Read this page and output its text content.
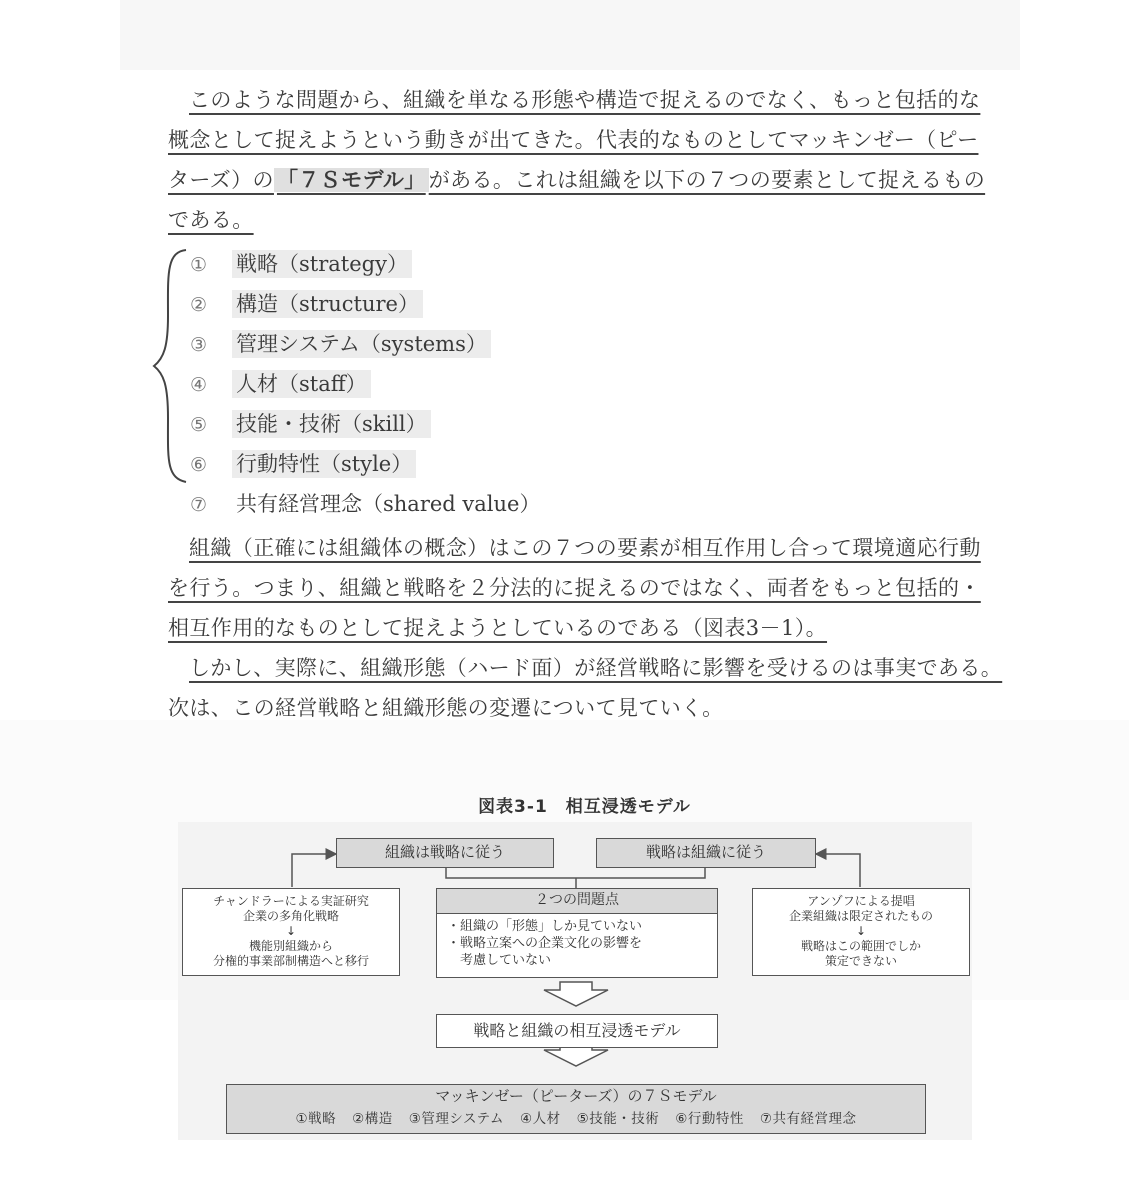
このような問題から、組織を単なる形態や構造で捉えるのでなく、もっと包括的な
概念として捉えようという動きが出てきた。代表的なものとしてマッキンゼー（ピー
ターズ）の 「７Ｓモデル」 がある。これは組織を以下の７つの要素として捉えるもの
である。
① 戦略（strategy）
② 構造（structure）
③ 管理システム（systems）
④ 人材（staff）
⑤ 技能・技術（skill）
⑥ 行動特性（style）
⑦ 共有経営理念（shared value）
組織（正確には組織体の概念）はこの７つの要素が相互作用し合って環境適応行動
を行う。つまり、組織と戦略を２分法的に捉えるのではなく、両者をもっと包括的・
相互作用的なものとして捉えようとしているのである（図表3－1）。
しかし、実際に、組織形態（ハード面）が経営戦略に影響を受けるのは事実である。
次は、この経営戦略と組織形態の変遷について見ていく。
図表3-1　相互浸透モデル
組織は戦略に従う	戦略は組織に従う
チャンドラーによる実証研究
企業の多角化戦略
↓
機能別組織から
分権的事業部制構造へと移行
２つの問題点
・組織の「形態」しか見ていない
・戦略立案への企業文化の影響を
　考慮していない
アンゾフによる提唱
企業組織は限定されたもの
↓
戦略はこの範囲でしか
策定できない
戦略と組織の相互浸透モデル
マッキンゼー（ピーターズ）の７Ｓモデル
①戦略 ②構造 ③管理システム ④人材 ⑤技能・技術 ⑥行動特性 ⑦共有経営理念
